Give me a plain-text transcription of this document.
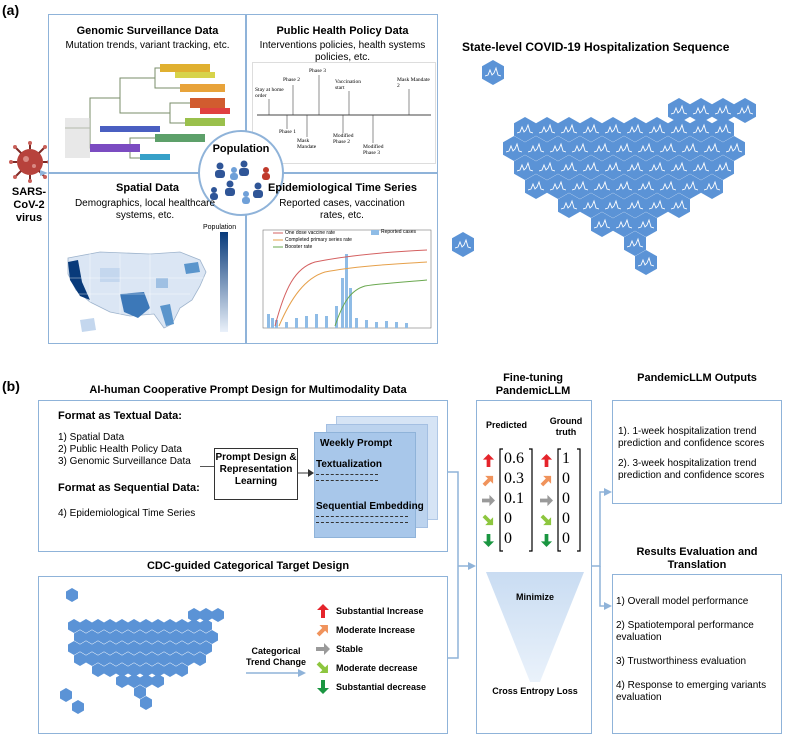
(a)
SARS-CoV-2 virus
Genomic Surveillance Data
Mutation trends, variant tracking, etc.
Public Health Policy Data
Interventions policies, health systems policies, etc.
Stay at home order
Phase 2
Phase 3
Vaccination start
Mask Mandate 2
Phase 1
Mask Mandate
Modified Phase 2
Modified Phase 3
Population
Spatial Data
Demographics, local healthcare systems, etc.
Population
Epidemiological Time Series
Reported cases, vaccination rates, etc.
One dose vaccine rate
Completed primary series rate
Booster rate
Reported cases
State-level COVID-19 Hospitalization Sequence
(b)	AI-human Cooperative Prompt Design for Multimodality Data
Format as Textual Data:
1) Spatial Data
2) Public Health Policy Data
3) Genomic Surveillance Data
Format as Sequential Data:
4) Epidemiological Time Series
Prompt Design & Representation Learning
Weekly Prompt
Textualization
Sequential Embedding
CDC-guided Categorical Target Design
Categorical Trend Change
Substantial Increase
Moderate Increase
Stable
Moderate decrease
Substantial decrease
Fine-tuning PandemicLLM
Predicted	Ground truth
0.6
0.3
0.1
0
0
1
0
0
0
0
Minimize
Cross Entropy Loss
PandemicLLM Outputs
1). 1-week hospitalization trend prediction and confidence scores
2). 3-week hospitalization trend prediction and confidence scores
Results Evaluation and Translation
1) Overall model performance
2) Spatiotemporal performance evaluation
3) Trustworthiness evaluation
4) Response to emerging variants evaluation
